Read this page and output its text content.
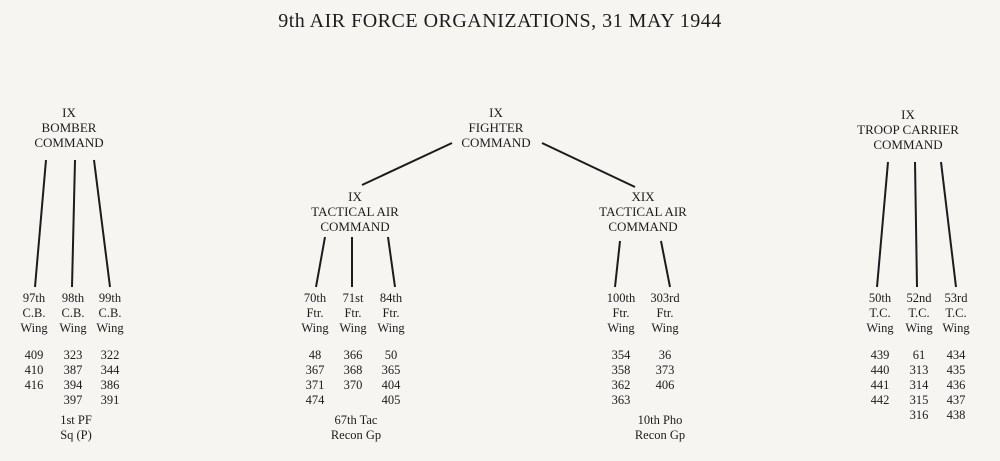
9th AIR FORCE ORGANIZATIONS, 31 MAY 1944
IX
BOMBER
COMMAND
IX
FIGHTER
COMMAND
IX
TROOP CARRIER
COMMAND
IX
TACTICAL AIR
COMMAND
XIX
TACTICAL AIR
COMMAND
97th
C.B.
Wing
409
410
416
98th
C.B.
Wing
323
387
394
397
99th
C.B.
Wing
322
344
386
391
1st PF
Sq (P)
70th
Ftr.
Wing
48
367
371
474
71st
Ftr.
Wing
366
368
370
84th
Ftr.
Wing
50
365
404
405
67th Tac
Recon Gp
100th
Ftr.
Wing
354
358
362
363
303rd
Ftr.
Wing
36
373
406
10th Pho
Recon Gp
50th
T.C.
Wing
439
440
441
442
52nd
T.C.
Wing
61
313
314
315
316
53rd
T.C.
Wing
434
435
436
437
438
